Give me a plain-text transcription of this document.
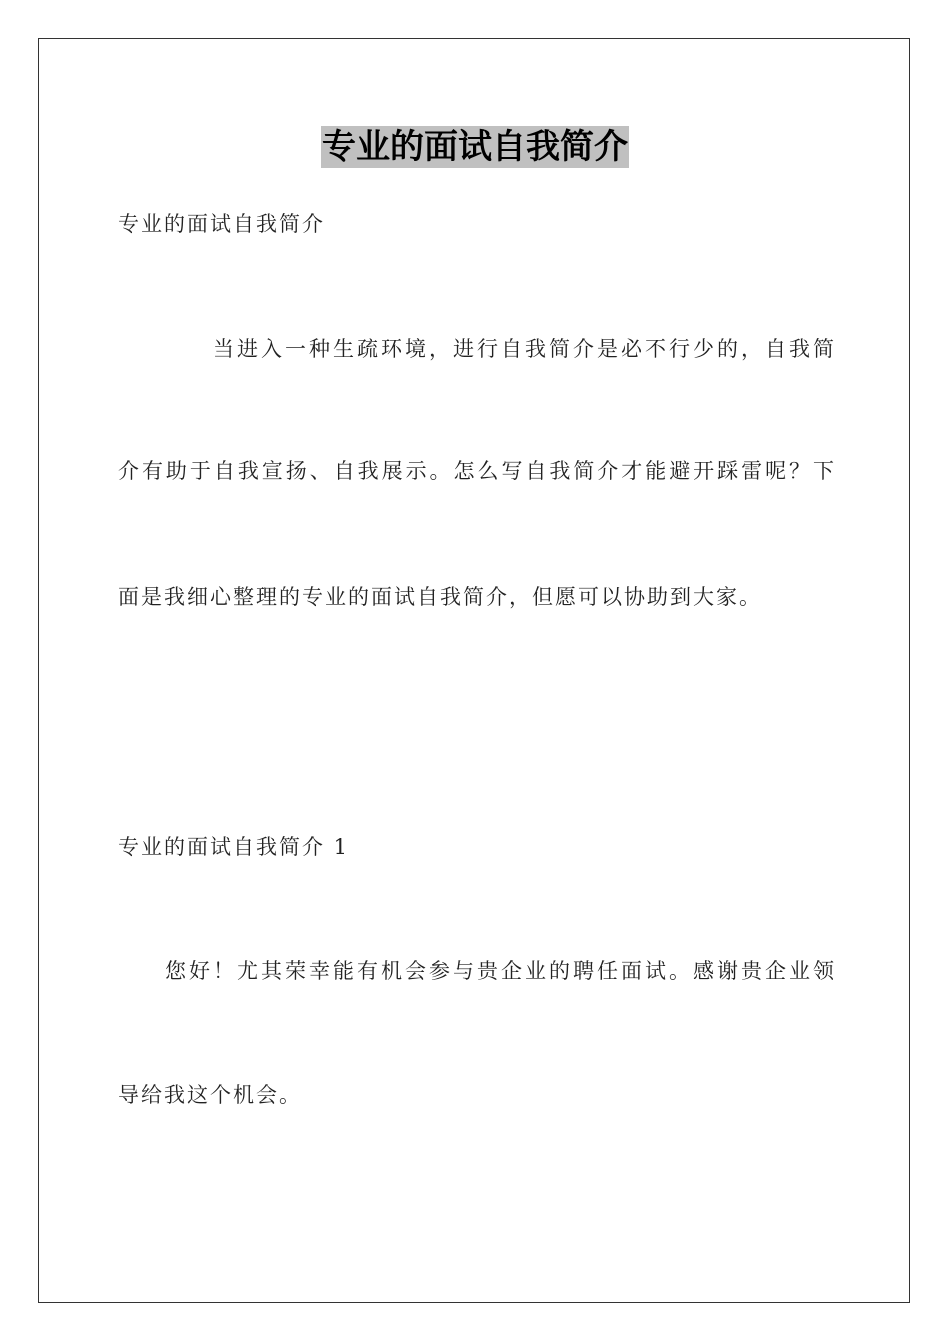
专业的面试自我简介
专业的面试自我简介
当进入一种生疏环境，进行自我简介是必不行少的，自我简
介有助于自我宣扬、自我展示。怎么写自我简介才能避开踩雷呢？下
面是我细心整理的专业的面试自我简介，但愿可以协助到大家。
专业的面试自我简介 1
您好！尤其荣幸能有机会参与贵企业的聘任面试。感谢贵企业领
导给我这个机会。
